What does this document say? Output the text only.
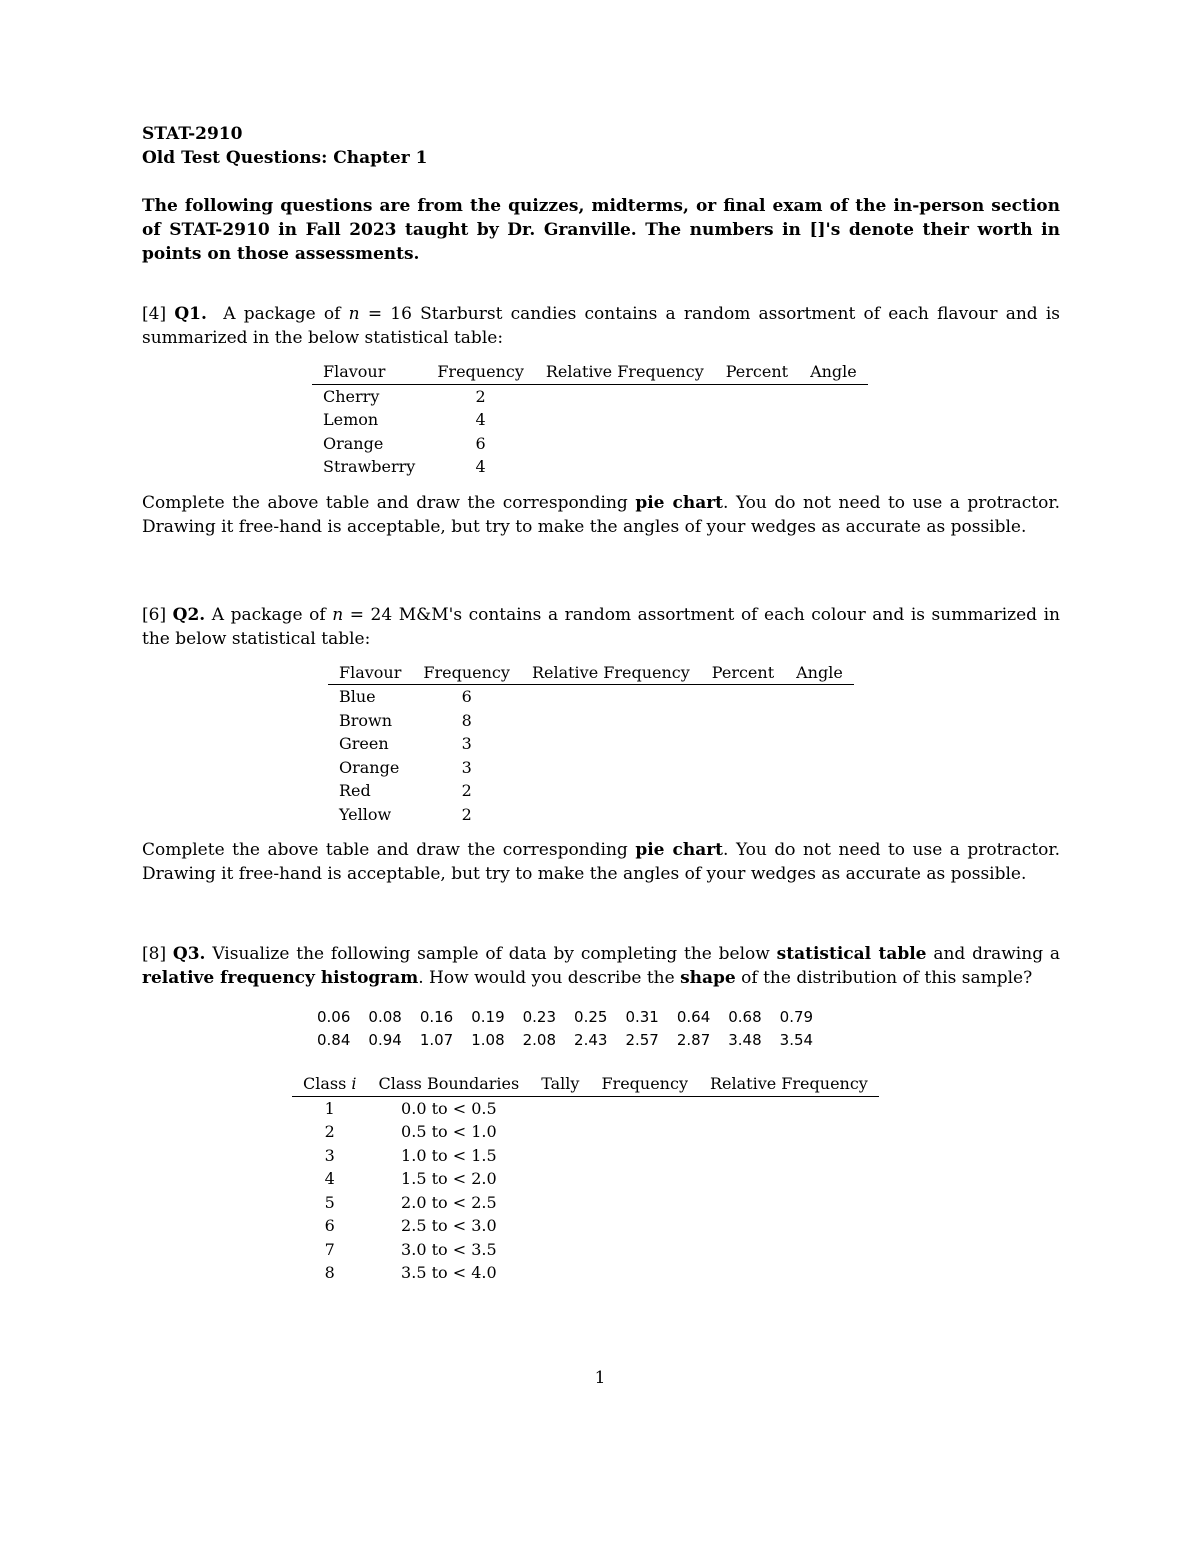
STAT-2910
Old Test Questions: Chapter 1

The following questions are from the quizzes, midterms, or final exam of the in-person section of STAT-2910 in Fall 2023 taught by Dr. Granville. The numbers in []'s denote their worth in points on those assessments.

[4] Q1. A package of n = 16 Starburst candies contains a random assortment of each flavour and is summarized in the below statistical table:

Flavour	Frequency	Relative Frequency	Percent	Angle
Cherry	2			
Lemon	4			
Orange	6			
Strawberry	4			

Complete the above table and draw the corresponding pie chart. You do not need to use a protractor. Drawing it free-hand is acceptable, but try to make the angles of your wedges as accurate as possible.

[6] Q2. A package of n = 24 M&M's contains a random assortment of each colour and is summarized in the below statistical table:

Flavour	Frequency	Relative Frequency	Percent	Angle
Blue	6			
Brown	8			
Green	3			
Orange	3			
Red	2			
Yellow	2			

Complete the above table and draw the corresponding pie chart. You do not need to use a protractor. Drawing it free-hand is acceptable, but try to make the angles of your wedges as accurate as possible.

[8] Q3. Visualize the following sample of data by completing the below statistical table and drawing a relative frequency histogram. How would you describe the shape of the distribution of this sample?

0.06	0.08	0.16	0.19	0.23	0.25	0.31	0.64	0.68	0.79
0.84	0.94	1.07	1.08	2.08	2.43	2.57	2.87	3.48	3.54
Class i	Class Boundaries	Tally	Frequency	Relative Frequency
1	0.0 to < 0.5			
2	0.5 to < 1.0			
3	1.0 to < 1.5			
4	1.5 to < 2.0			
5	2.0 to < 2.5			
6	2.5 to < 3.0			
7	3.0 to < 3.5			
8	3.5 to < 4.0			
1
